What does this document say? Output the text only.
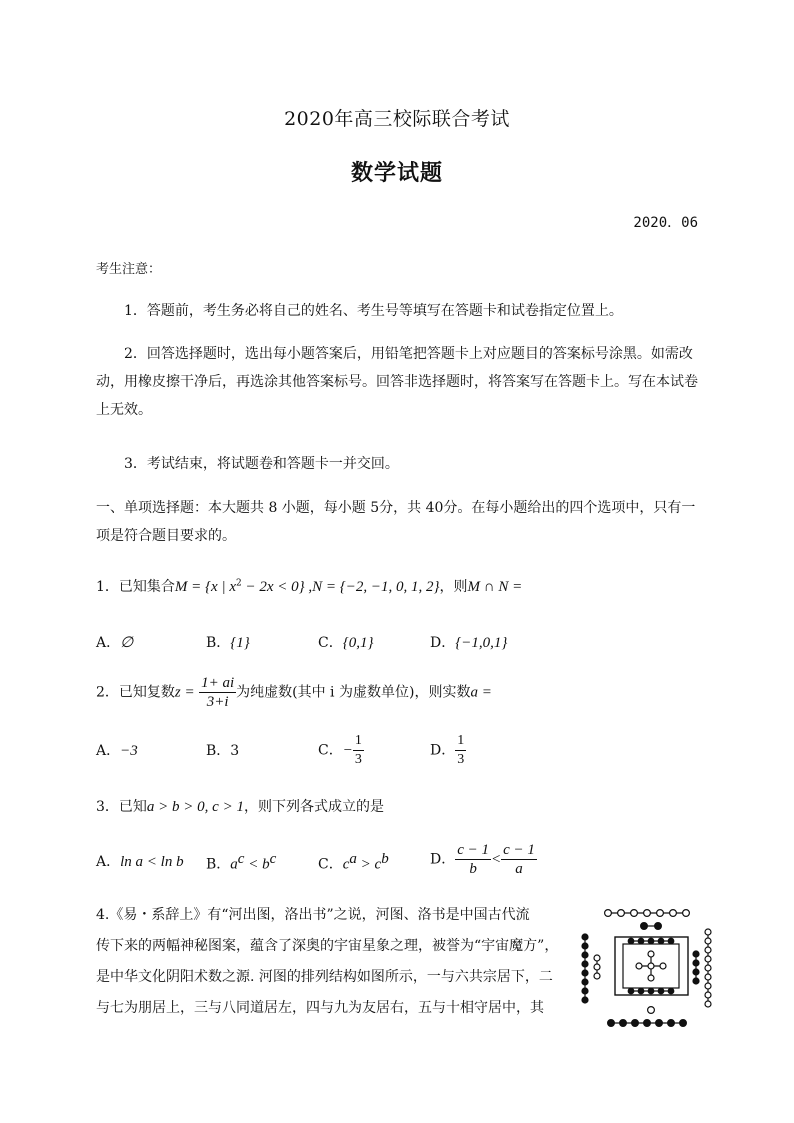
2020年高三校际联合考试
数学试题
2020．06
考生注意：
1．答题前，考生务必将自己的姓名、考生号等填写在答题卡和试卷指定位置上。
2．回答选择题时，选出每小题答案后，用铅笔把答题卡上对应题目的答案标号涂黑。如需改动，用橡皮擦干净后，再选涂其他答案标号。回答非选择题时，将答案写在答题卡上。写在本试卷上无效。
3．考试结束，将试题卷和答题卡一并交回。
一、单项选择题：本大题共 8 小题，每小题 5分，共 40分。在每小题给出的四个选项中，只有一项是符合题目要求的。
1．已知集合M = {x | $x^2 - 2x < 0$} ,N = {−2, −1, 0, 1, 2}，则M ∩ N =
A．∅	B．{1}	C．{0,1}	D．{−1,0,1}
2．已知复数$z = \frac{1+ ai}{3+i}$ 为纯虚数(其中 i 为虚数单位)，则实数a =
A．−3	B．3	C．− $\frac{1}{3}$	D． $\frac{1}{3}$
3．已知a > b > 0, c > 1，则下列各式成立的是
A．ln a < ln b B．$a^c < b^c$	C．$c^a > c^b$	D． $\frac{c - 1}{b} < \frac{c - 1}{a}$
4.《易・系辞上》有“河出图，洛出书”之说，河图、洛书是中国古代流
传下来的两幅神秘图案，蕴含了深奥的宇宙星象之理，被誉为“宇宙魔方”，
是中华文化阴阳术数之源. 河图的排列结构如图所示，一与六共宗居下，二
与七为朋居上，三与八同道居左，四与九为友居右，五与十相守居中，其
